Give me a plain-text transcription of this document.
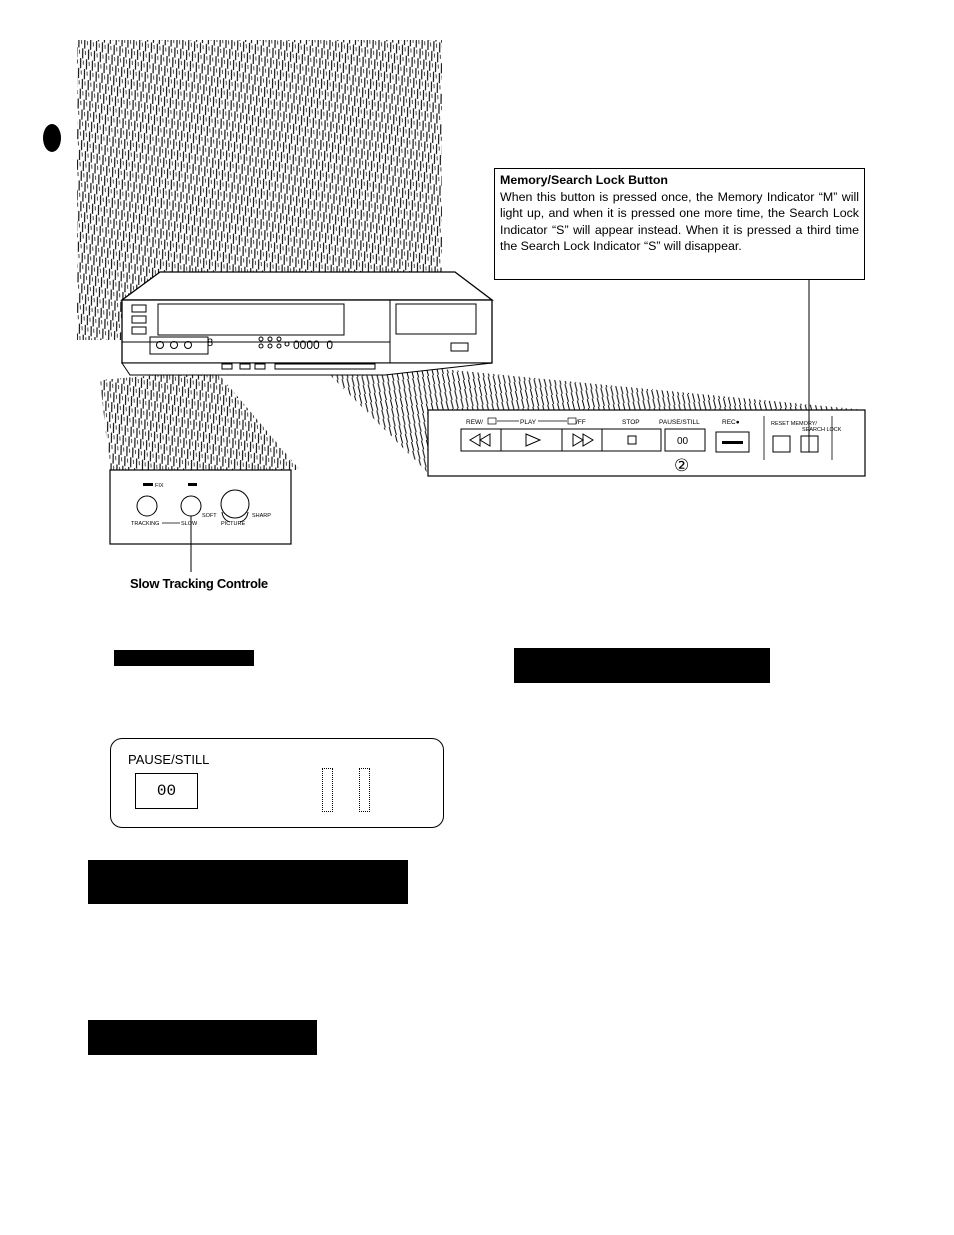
8	0000  0
FIX
SOFT	SHARP
TRACKING	SLOW	PICTURE
REW/	PLAY	/FF	STOP	PAUSE/STILL	REC●	RESET MEMORY/
SEARCH LOCK
00
②
Memory/Search Lock Button
When this button is pressed once, the Memory Indicator “M” will light up, and when it is pressed one more time, the Search Lock Indicator “S” will appear instead. When it is pressed a third time the Search Lock Indicator “S” will disappear.
Slow Tracking Controle
PAUSE/STILL
00
